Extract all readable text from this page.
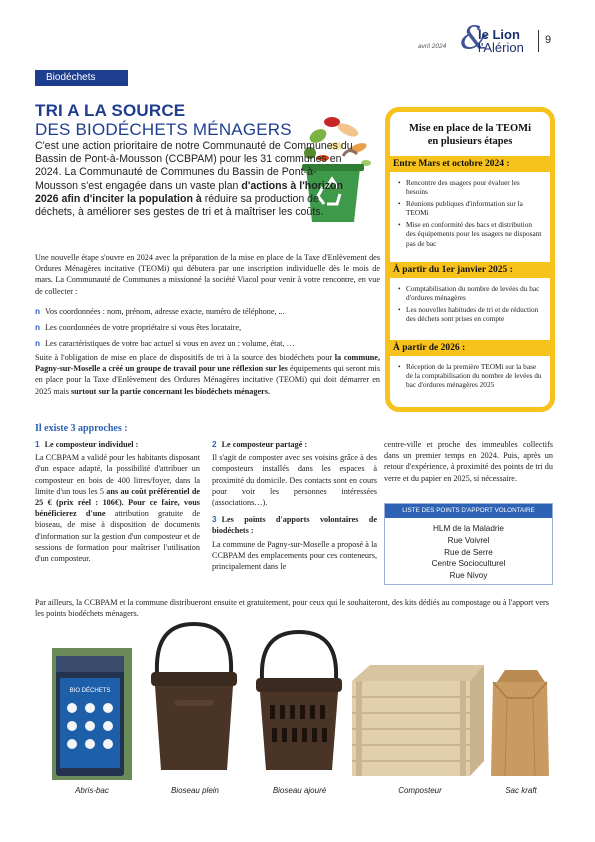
avril 2024 &
le Lion
l'Alérion 9
Biodéchets
TRI A LA SOURCE
DES BIODÉCHETS MÉNAGERS
C'est une action prioritaire de notre Communauté de Communes du Bassin de Pont-à-Mousson (CCBPAM) pour les 31 communes en 2024. La Communauté de Communes du Bassin de Pont-à-Mousson s'est engagée dans un vaste plan d'actions à l'horizon 2026 afin d'inciter la population à réduire sa production de déchets, à améliorer ses gestes de tri et à maîtriser les coûts.
Une nouvelle étape s'ouvre en 2024 avec la préparation de la mise en place de la Taxe d'Enlèvement des Ordures Ménagères incitative (TEOMi) qui débutera par une inscription individuelle dès le mois de mars. La Communauté de Communes a missionné la société Viacol pour venir à votre rencontre, en vue de collecter :
n Vos coordonnées : nom, prénom, adresse exacte, numéro de téléphone, ...
n Les coordonnées de votre propriétaire si vous êtes locataire,
n Les caractéristiques de votre bac actuel si vous en avez un : volume, état, …
Suite à l'obligation de mise en place de dispositifs de tri à la source des biodéchets pour la commune, Pagny-sur-Moselle a créé un groupe de travail pour une réflexion sur les équipements qui seront mis en place pour la Taxe d'Enlèvement des Ordures Ménagères incitative (TEOMi) qui doit démarrer en 2025 mais surtout sur la partie concernant les biodéchets ménagers.
Il existe 3 approches :
1 Le composteur individuel :

La CCBPAM a validé pour les habitants disposant d'un espace adapté, la possibilité d'attribuer un composteur en bois de 400 litres/foyer, dans la limite d'un tous les 5 ans au coût préférentiel de 25 € (prix réel : 106€). Pour ce faire, vous bénéficierez d'une attribution gratuite de bioseau, de mise à disposition de documents d'information sur la gestion d'un composteur et de sessions de formation pour maîtriser l'utilisation d'un composteur.

2 Le composteur partagé :

Il s'agit de composter avec ses voisins grâce à des composteurs installés dans les espaces à proximité du domicile. Des contacts sont en cours pour voir les personnes intéressées (associations…).

3 Les points d'apports volontaires de biodéchets :

La commune de Pagny-sur-Moselle a proposé à la CCBPAM des emplacements pour ces conteneurs, principalement dans le

centre-ville et proche des immeubles collectifs dans un premier temps en 2024. Puis, après un retour d'expérience, à proximité des points de tri du verre et du papier en 2025, si nécessaire.
LISTE DES POINTS D'APPORT VOLONTAIRE
HLM de la Maladrie
Rue Voivrel
Rue de Serre
Centre Socioculturel
Rue Nivoy
Par ailleurs, la CCBPAM et la commune distribueront ensuite et gratuitement, pour ceux qui le souhaiteront, des kits dédiés au compostage ou à l'apport vers les points biodéchets ménagers.
Mise en place de la TEOMi
en plusieurs étapes
Entre Mars et octobre 2024 :
• Rencontre des usagers pour évaluer les besoins
• Réunions publiques d'information sur la TEOMi
• Mise en conformité des bacs et distribution des équipements pour les usagers ne disposant pas de bac
À partir du 1er janvier 2025 :
• Comptabilisation du nombre de levées du bac d'ordures ménagères
• Les nouvelles habitudes de tri et de réduction des déchets sont prises en compte
À partir de 2026 :
• Réception de la première TEOMi sur la base de la comptabilisation du nombre de levées du bac d'ordures ménagères 2025
BIO DÉCHETS
Abris-bac	Bioseau plein	Bioseau ajouré	Composteur	Sac kraft
